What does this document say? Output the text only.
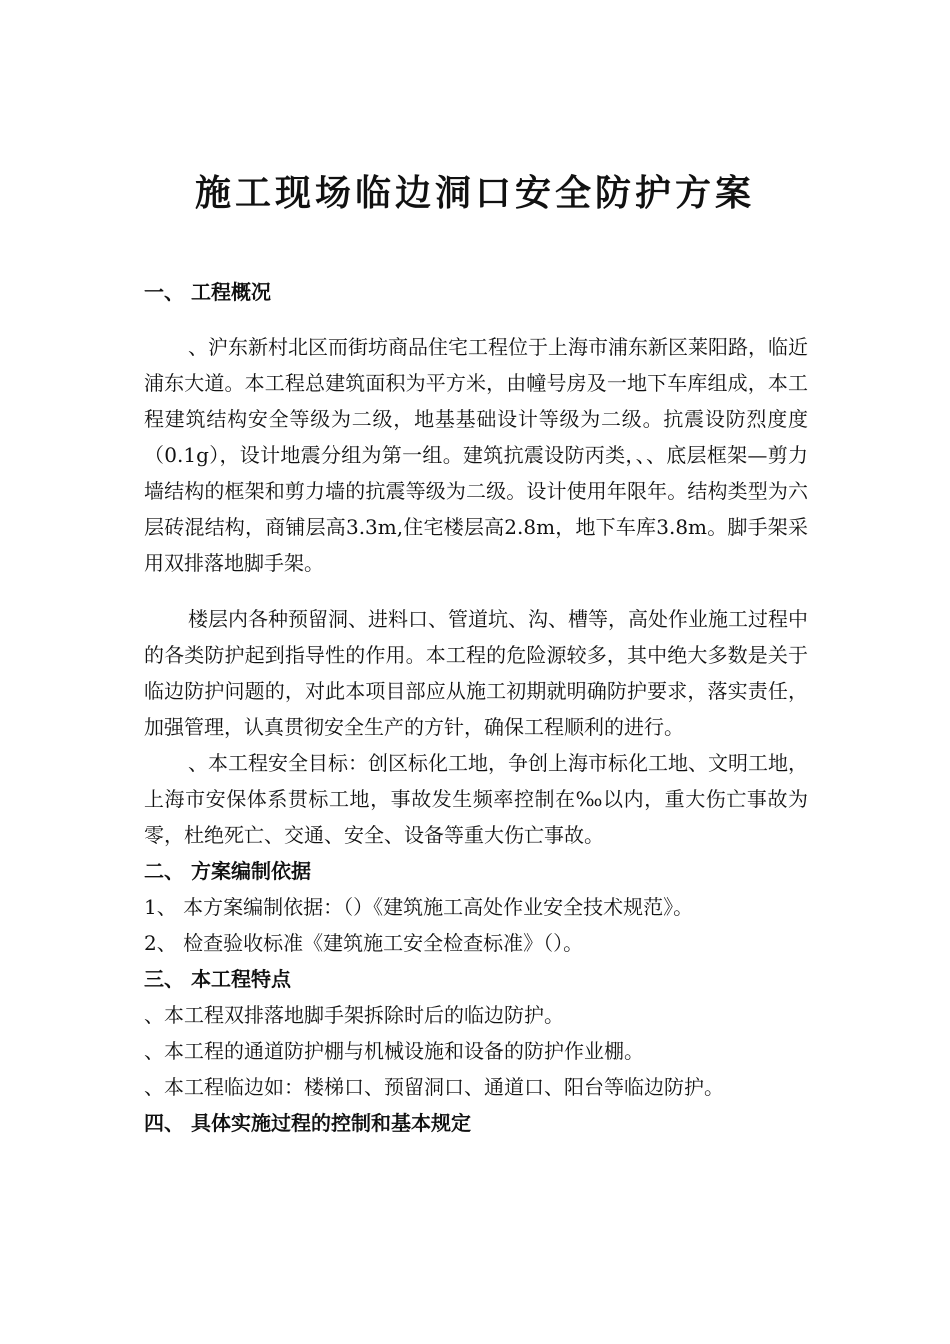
施工现场临边洞口安全防护方案
一、 工程概况

、沪东新村北区而街坊商品住宅工程位于上海市浦东新区莱阳路，临近浦东大道。本工程总建筑面积为平方米，由幢号房及一地下车库组成，本工程建筑结构安全等级为二级，地基基础设计等级为二级。抗震设防烈度度（0.1g），设计地震分组为第一组。建筑抗震设防丙类，、、底层框架—剪力墙结构的框架和剪力墙的抗震等级为二级。设计使用年限年。结构类型为六层砖混结构，商铺层高3.3m,住宅楼层高2.8m，地下车库3.8m。脚手架采用双排落地脚手架。

楼层内各种预留洞、进料口、管道坑、沟、槽等，高处作业施工过程中的各类防护起到指导性的作用。本工程的危险源较多，其中绝大多数是关于临边防护问题的，对此本项目部应从施工初期就明确防护要求，落实责任，加强管理，认真贯彻安全生产的方针，确保工程顺利的进行。

、本工程安全目标：创区标化工地，争创上海市标化工地、文明工地，上海市安保体系贯标工地，事故发生频率控制在‰以内，重大伤亡事故为零，杜绝死亡、交通、安全、设备等重大伤亡事故。

二、 方案编制依据
1、 本方案编制依据：（）《建筑施工高处作业安全技术规范》。
2、 检查验收标准《建筑施工安全检查标准》（）。
三、 本工程特点
、本工程双排落地脚手架拆除时后的临边防护。
、本工程的通道防护棚与机械设施和设备的防护作业棚。
、本工程临边如：楼梯口、预留洞口、通道口、阳台等临边防护。
四、 具体实施过程的控制和基本规定
